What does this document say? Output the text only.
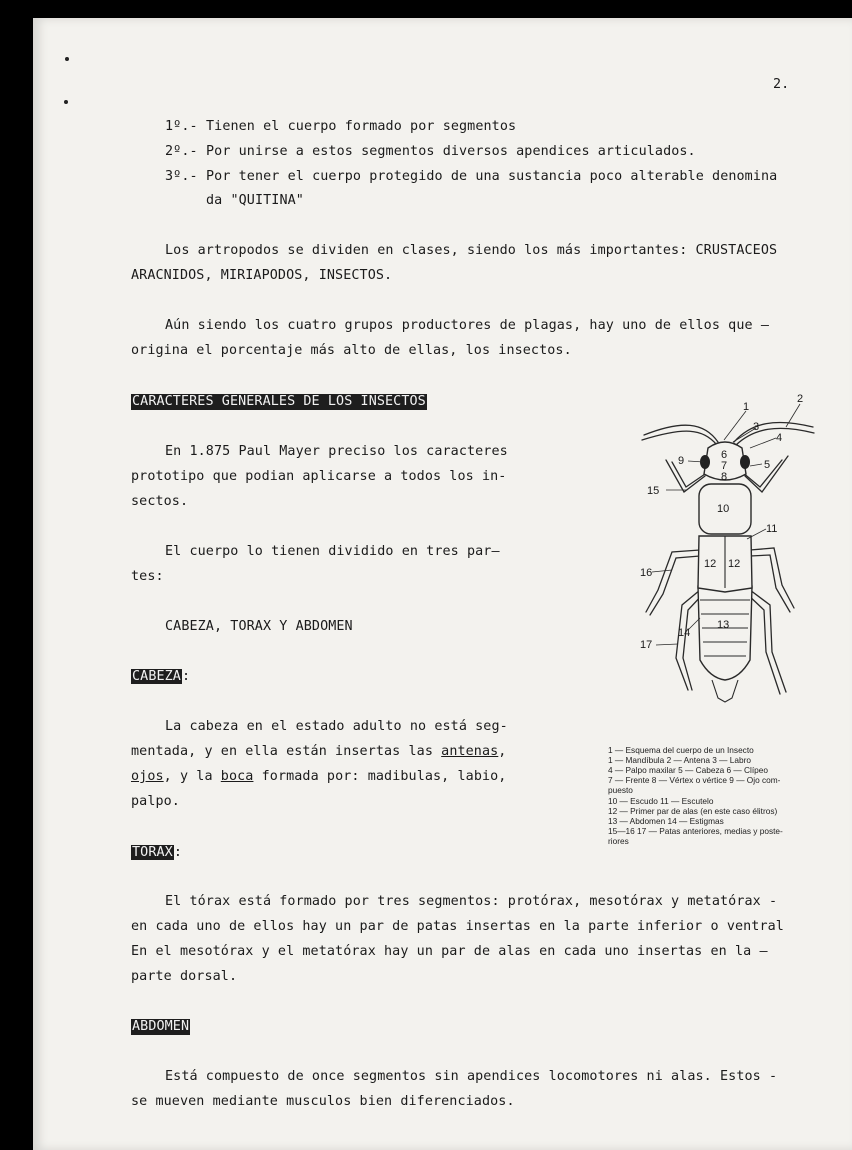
2.
1º.- Tienen el cuerpo formado por segmentos
2º.- Por unirse a estos segmentos diversos apendices articulados.
3º.- Por tener el cuerpo protegido de una sustancia poco alterable denomina
da "QUITINA"
Los artropodos se dividen en clases, siendo los más importantes: CRUSTACEOS
ARACNIDOS, MIRIAPODOS, INSECTOS.
Aún siendo los cuatro grupos productores de plagas, hay uno de ellos que —
origina el porcentaje más alto de ellas, los insectos.
CARACTERES GENERALES DE LOS INSECTOS
En 1.875 Paul Mayer preciso los caracteres
prototipo que podian aplicarse a todos los in-
sectos.
El cuerpo lo tienen dividido en tres par—
tes:
CABEZA, TORAX Y ABDOMEN
CABEZA:
La cabeza en el estado adulto no está seg-
mentada, y en ella están insertas las antenas,
ojos, y la boca formada por: madibulas, labio,
palpo.
TORAX:
El tórax está formado por tres segmentos: protórax, mesotórax y metatórax -
en cada uno de ellos hay un par de patas insertas en la parte inferior o ventral
En el mesotórax y el metatórax hay un par de alas en cada uno insertas en la —
parte dorsal.
ABDOMEN
Está compuesto de once segmentos sin apendices locomotores ni alas. Estos -
se mueven mediante musculos bien diferenciados.
1
2
3
4
5
6
7
8
9
10
11
12 12
13
14
15
16
17
1 — Esquema del cuerpo de un Insecto
1 — Mandíbula 2 — Antena 3 — Labro
4 — Palpo maxilar 5 — Cabeza 6 — Clípeo
7 — Frente 8 — Vértex o vértice 9 — Ojo com-
puesto
10 — Escudo 11 — Escutelo
12 — Primer par de alas (en este caso élitros)
13 — Abdomen 14 — Estigmas
15—16 17 — Patas anteriores, medias y poste-
riores
